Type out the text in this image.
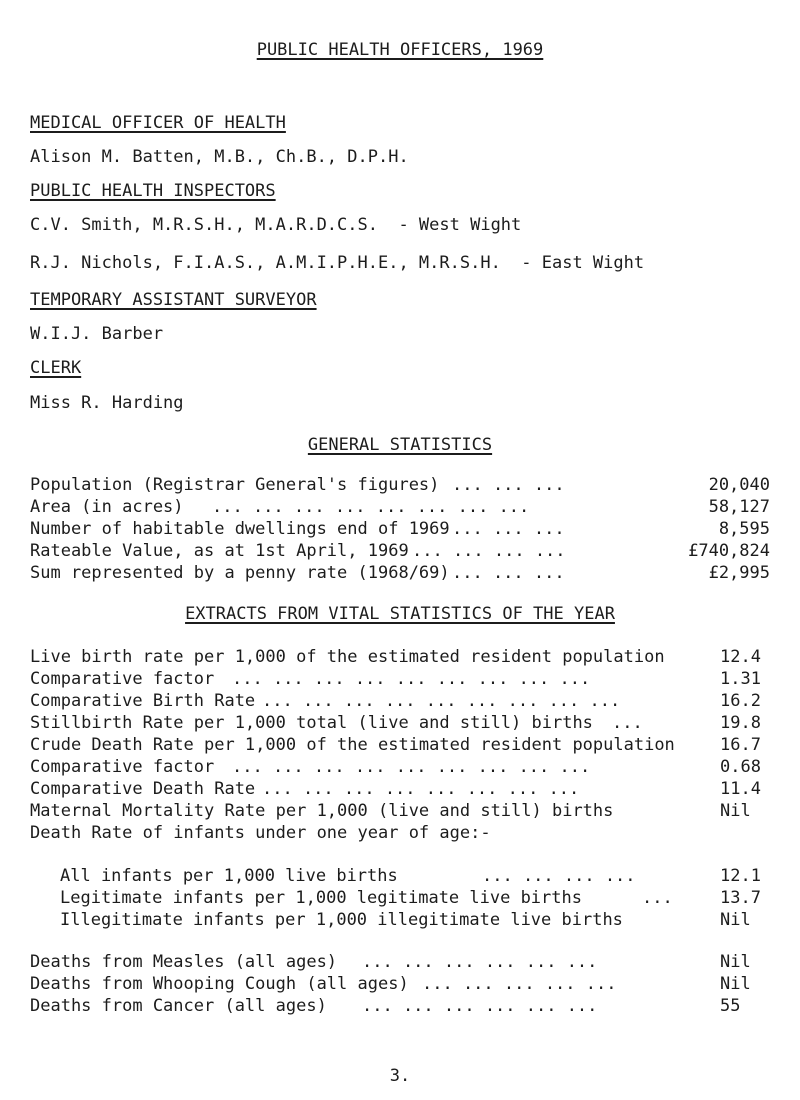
PUBLIC HEALTH OFFICERS, 1969
MEDICAL OFFICER OF HEALTH
Alison M. Batten, M.B., Ch.B., D.P.H.
PUBLIC HEALTH INSPECTORS
C.V. Smith, M.R.S.H., M.A.R.D.C.S.  - West Wight
R.J. Nichols, F.I.A.S., A.M.I.P.H.E., M.R.S.H.  - East Wight
TEMPORARY ASSISTANT SURVEYOR
W.I.J. Barber
CLERK
Miss R. Harding
GENERAL STATISTICS
Population (Registrar General's figures) ... ... ...	20,040
Area (in acres) ... ... ... ... ... ... ... ...	58,127
Number of habitable dwellings end of 1969 ... ... ...	8,595
Rateable Value, as at 1st April, 1969 ... ... ... ...	£740,824
Sum represented by a penny rate (1968/69) ... ... ...	£2,995
EXTRACTS FROM VITAL STATISTICS OF THE YEAR
Live birth rate per 1,000 of the estimated resident population	12.4
Comparative factor ... ... ... ... ... ... ... ... ...	1.31
Comparative Birth Rate ... ... ... ... ... ... ... ... ...	16.2
Stillbirth Rate per 1,000 total (live and still) births ...	19.8
Crude Death Rate per 1,000 of the estimated resident population	16.7
Comparative factor ... ... ... ... ... ... ... ... ...	0.68
Comparative Death Rate ... ... ... ... ... ... ... ...	11.4
Maternal Mortality Rate per 1,000 (live and still) births	Nil
Death Rate of infants under one year of age:-
All infants per 1,000 live births	... ... ... ...	12.1
Legitimate infants per 1,000 legitimate live births	...	13.7
Illegitimate infants per 1,000 illegitimate live births	Nil
Deaths from Measles (all ages) ... ... ... ... ... ...	Nil
Deaths from Whooping Cough (all ages) ... ... ... ... ...	Nil
Deaths from Cancer (all ages) ... ... ... ... ... ...	55
3.
